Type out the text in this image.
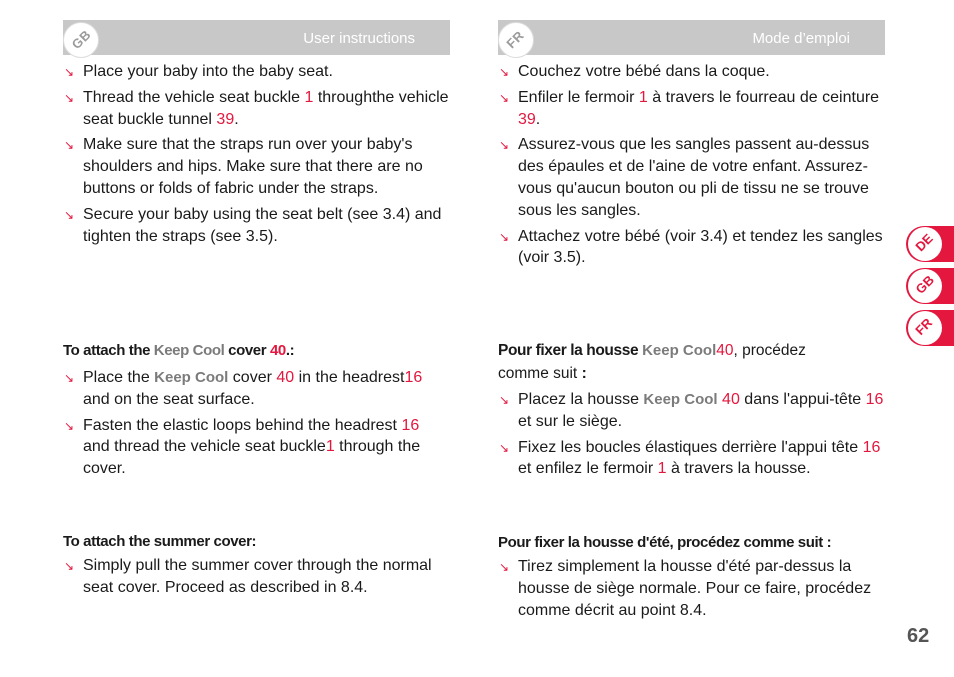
GB	User instructions
↘ Place your baby into the baby seat.
↘ Thread the vehicle seat buckle 1 throughthe vehicle seat buckle tunnel 39.
↘ Make sure that the straps run over your baby's shoulders and hips. Make sure that there are no buttons or folds of fabric under the straps.
↘ Secure your baby using the seat belt (see 3.4) and tighten the straps (see 3.5).
To attach the Keep Cool cover 40.:
↘ Place the Keep Cool cover 40 in the headrest16 and on the seat surface.
↘ Fasten the elastic loops behind the headrest 16 and thread the vehicle seat buckle1 through the cover.
To attach the summer cover:
↘ Simply pull the summer cover through the normal seat cover. Proceed as described in 8.4.
FR	Mode d’emploi
↘ Couchez votre bébé dans la coque.
↘ Enfiler le fermoir 1 à travers le fourreau de ceinture 39.
↘ Assurez-vous que les sangles passent au-dessus des épaules et de l'aine de votre enfant. Assurez-vous qu'aucun bouton ou pli de tissu ne se trouve sous les sangles.
↘ Attachez votre bébé (voir 3.4) et tendez les sangles (voir 3.5).
Pour fixer la housse Keep Cool40, procédez comme suit :
↘ Placez la housse Keep Cool 40 dans l'appui-tête 16 et sur le siège.
↘ Fixez les boucles élastiques derrière l'appui tête 16 et enfilez le fermoir 1 à travers la housse.
Pour fixer la housse d'été, procédez comme suit :
↘ Tirez simplement la housse d'été par-dessus la housse de siège normale. Pour ce faire, procédez comme décrit au point 8.4.
DE
GB
FR
62
